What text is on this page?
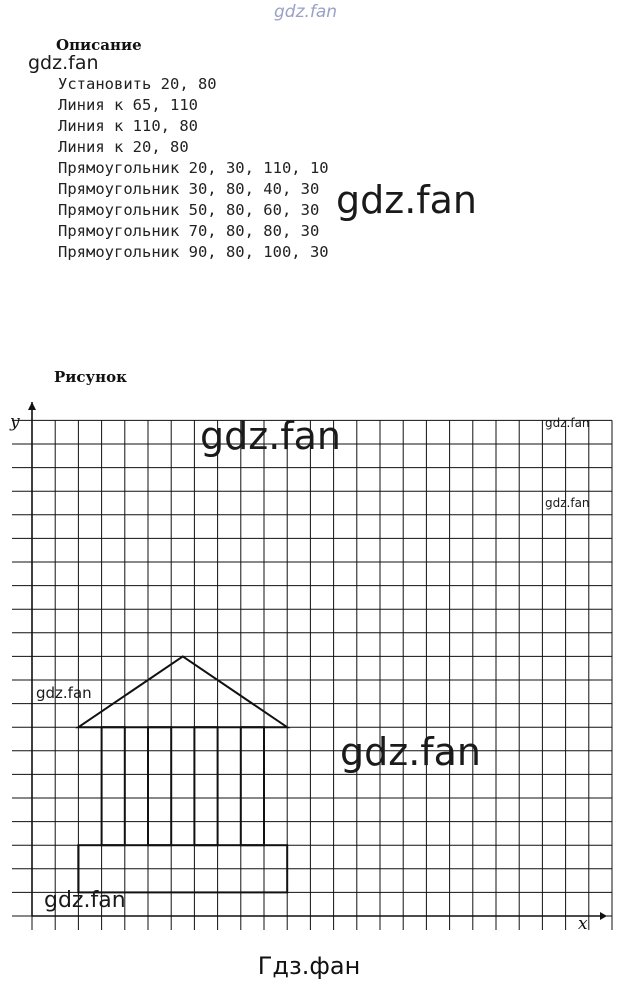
gdz.fan
gdz.fan
gdz.fan
Описание
Установить 20, 80
Линия к 65, 110
Линия к 110, 80
Линия к 20, 80
Прямоугольник 20, 30, 110, 10
Прямоугольник 30, 80, 40, 30
Прямоугольник 50, 80, 60, 30
Прямоугольник 70, 80, 80, 30
Прямоугольник 90, 80, 100, 30
Рисунок
y
x
gdz.fan	gdz.fan
gdz.fan
gdz.fan
gdz.fan
gdz.fan
Гдз.фан
